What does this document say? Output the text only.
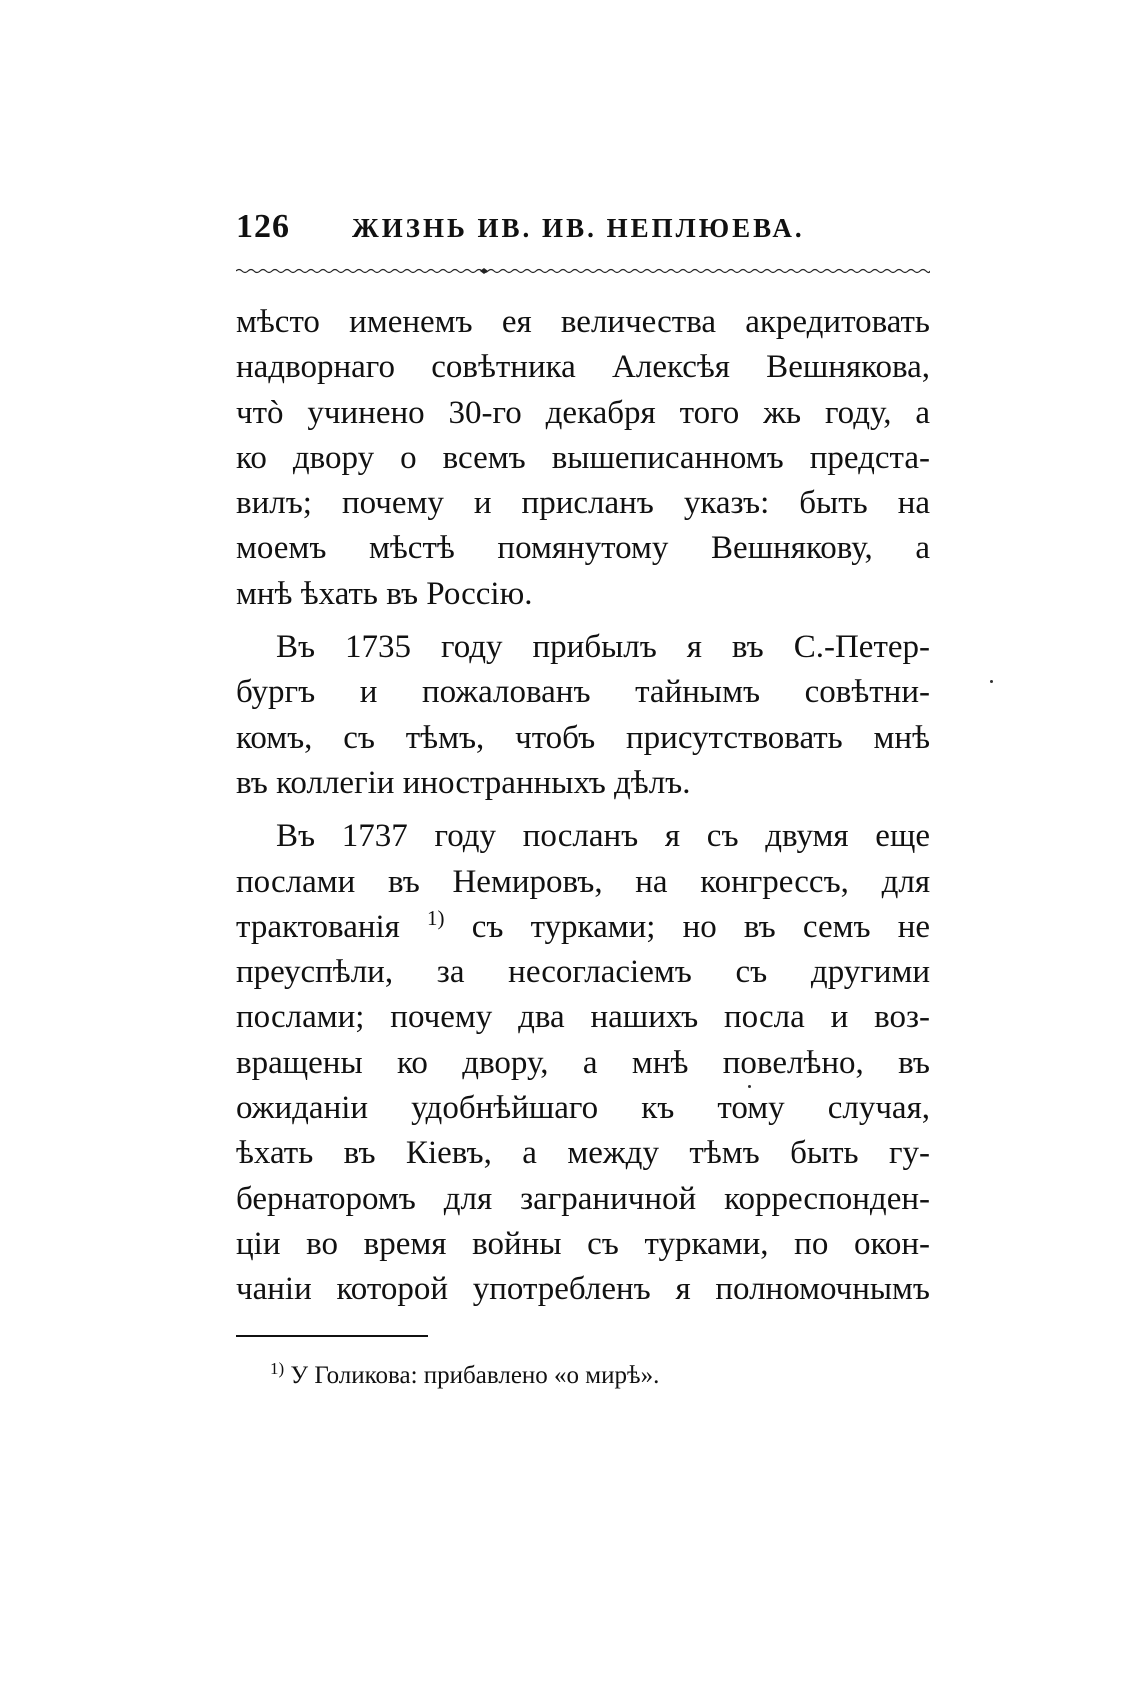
126 ЖИЗНЬ ИВ. ИВ. НЕПЛЮЕВА.
мѣсто именемъ ея величества акредитовать
надворнаго совѣтника Алексѣя Вешнякова,
чтò учинено 30-го декабря того жь году, а
ко двору о всемъ вышеписанномъ предста-
вилъ; почему и присланъ указъ: быть на
моемъ мѣстѣ помянутому Вешнякову, а
мнѣ ѣхать въ Россію.
Въ 1735 году прибылъ я въ С.-Петер-
бургъ и пожалованъ тайнымъ совѣтни-
комъ, съ тѣмъ, чтобъ присутствовать мнѣ
въ коллегіи иностранныхъ дѣлъ.
Въ 1737 году посланъ я съ двумя еще
послами въ Немировъ, на конгрессъ, для
трактованія $^{1)}$ съ турками; но въ семъ не
преуспѣли, за несогласіемъ съ другими
послами; почему два нашихъ посла и воз-
вращены ко двору, а мнѣ повелѣно, въ
ожиданіи удобнѣйшаго къ тому случая,
ѣхать въ Кіевъ, а между тѣмъ быть гу-
бернаторомъ для заграничной корреспонден-
ціи во время войны съ турками, по окон-
чаніи которой употребленъ я полномочнымъ
$^{1)}$ У Голикова: прибавлено «о мирѣ».
